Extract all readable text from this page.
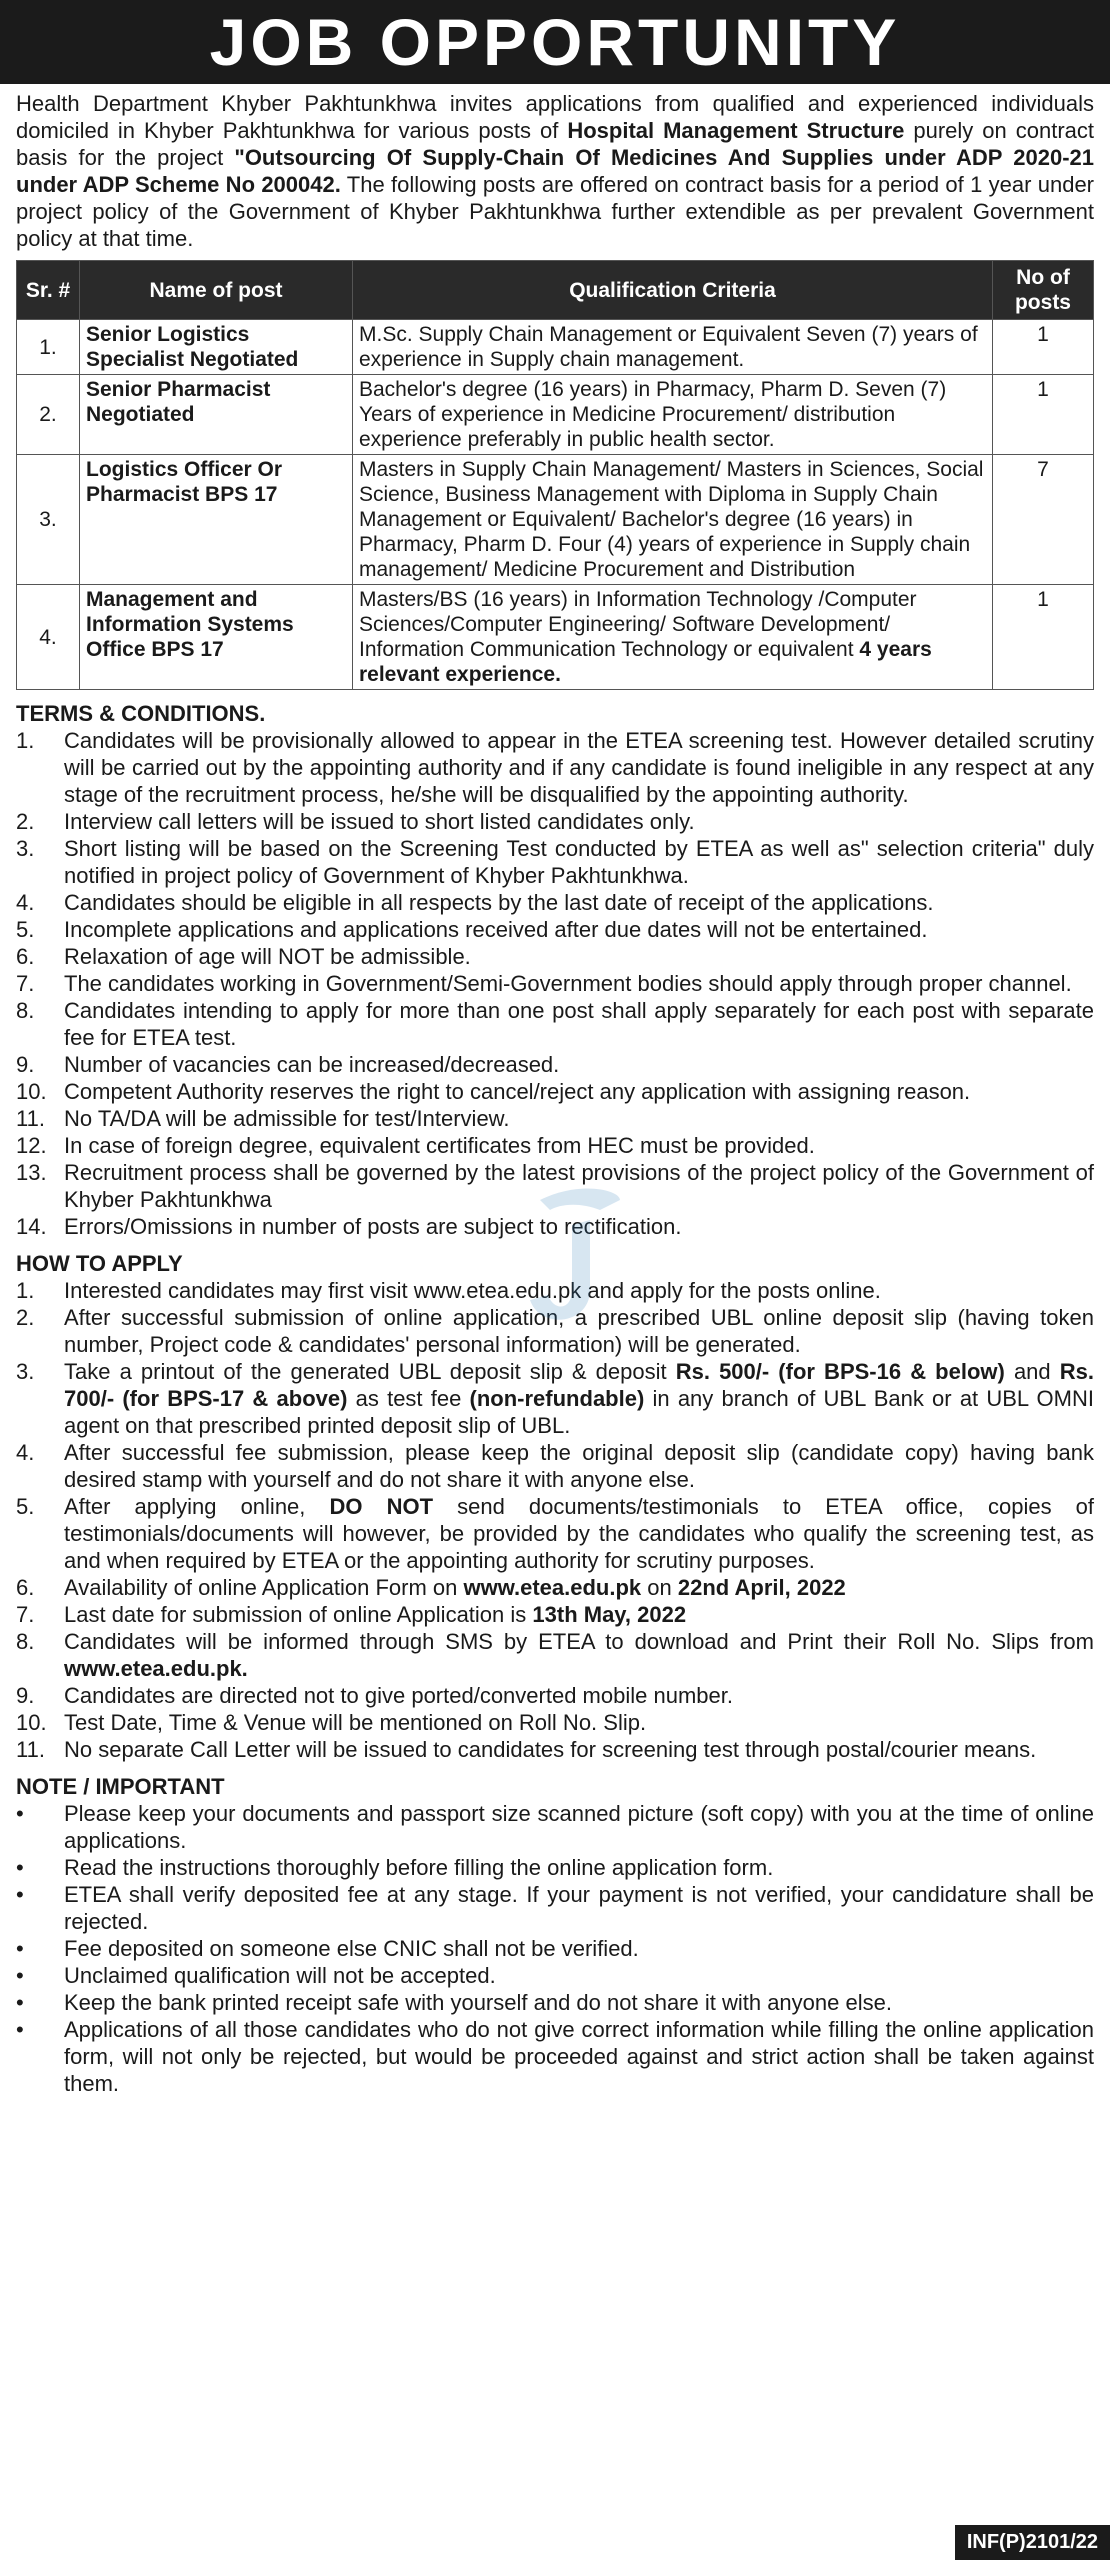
JOB OPPORTUNITY

Health Department Khyber Pakhtunkhwa invites applications from qualified and experienced individuals domiciled in Khyber Pakhtunkhwa for various posts of Hospital Management Structure purely on contract basis for the project "Outsourcing Of Supply-Chain Of Medicines And Supplies under ADP 2020-21 under ADP Scheme No 200042. The following posts are offered on contract basis for a period of 1 year under project policy of the Government of Khyber Pakhtunkhwa further extendible as per prevalent Government policy at that time.

Sr. #	Name of post	Qualification Criteria	No of posts
1.	Senior Logistics Specialist Negotiated	M.Sc. Supply Chain Management or Equivalent Seven (7) years of experience in Supply chain management.	1
2.	Senior Pharmacist Negotiated	Bachelor's degree (16 years) in Pharmacy, Pharm D. Seven (7) Years of experience in Medicine Procurement/ distribution experience preferably in public health sector.	1
3.	Logistics Officer Or Pharmacist BPS 17	Masters in Supply Chain Management/ Masters in Sciences, Social Science, Business Management with Diploma in Supply Chain Management or Equivalent/ Bachelor's degree (16 years) in Pharmacy, Pharm D. Four (4) years of experience in Supply chain management/ Medicine Procurement and Distribution	7
4.	Management and Information Systems Office BPS 17	Masters/BS (16 years) in Information Technology /Computer Sciences/Computer Engineering/ Software Development/ Information Communication Technology or equivalent 4 years relevant experience.	1
TERMS & CONDITIONS.
1.	Candidates will be provisionally allowed to appear in the ETEA screening test. However detailed scrutiny will be carried out by the appointing authority and if any candidate is found ineligible in any respect at any stage of the recruitment process, he/she will be disqualified by the appointing authority.
2.	Interview call letters will be issued to short listed candidates only.
3.	Short listing will be based on the Screening Test conducted by ETEA as well as" selection criteria" duly notified in project policy of Government of Khyber Pakhtunkhwa.
4.	Candidates should be eligible in all respects by the last date of receipt of the applications.
5.	Incomplete applications and applications received after due dates will not be entertained.
6.	Relaxation of age will NOT be admissible.
7.	The candidates working in Government/Semi-Government bodies should apply through proper channel.
8.	Candidates intending to apply for more than one post shall apply separately for each post with separate fee for ETEA test.
9.	Number of vacancies can be increased/decreased.
10. Competent Authority reserves the right to cancel/reject any application with assigning reason.
11. No TA/DA will be admissible for test/Interview.
12. In case of foreign degree, equivalent certificates from HEC must be provided.
13. Recruitment process shall be governed by the latest provisions of the project policy of the Government of Khyber Pakhtunkhwa
14. Errors/Omissions in number of posts are subject to rectification.
HOW TO APPLY
1.	Interested candidates may first visit www.etea.edu.pk and apply for the posts online.
2.	After successful submission of online application, a prescribed UBL online deposit slip (having token number, Project code & candidates' personal information) will be generated.
3.	Take a printout of the generated UBL deposit slip & deposit Rs. 500/- (for BPS-16 & below) and Rs. 700/- (for BPS-17 & above) as test fee (non-refundable) in any branch of UBL Bank or at UBL OMNI agent on that prescribed printed deposit slip of UBL.
4.	After successful fee submission, please keep the original deposit slip (candidate copy) having bank desired stamp with yourself and do not share it with anyone else.
5.	After applying online, DO NOT send documents/testimonials to ETEA office, copies of testimonials/documents will however, be provided by the candidates who qualify the screening test, as and when required by ETEA or the appointing authority for scrutiny purposes.
6.	Availability of online Application Form on www.etea.edu.pk on 22nd April, 2022
7.	Last date for submission of online Application is 13th May, 2022
8.	Candidates will be informed through SMS by ETEA to download and Print their Roll No. Slips from www.etea.edu.pk.
9.	Candidates are directed not to give ported/converted mobile number.
10. Test Date, Time & Venue will be mentioned on Roll No. Slip.
11. No separate Call Letter will be issued to candidates for screening test through postal/courier means.
NOTE / IMPORTANT
•	Please keep your documents and passport size scanned picture (soft copy) with you at the time of online applications.
•	Read the instructions thoroughly before filling the online application form.
•	ETEA shall verify deposited fee at any stage. If your payment is not verified, your candidature shall be rejected.
•	Fee deposited on someone else CNIC shall not be verified.
•	Unclaimed qualification will not be accepted.
•	Keep the bank printed receipt safe with yourself and do not share it with anyone else.
•	Applications of all those candidates who do not give correct information while filling the online application form, will not only be rejected, but would be proceeded against and strict action shall be taken against them.
INF(P)2101/22
